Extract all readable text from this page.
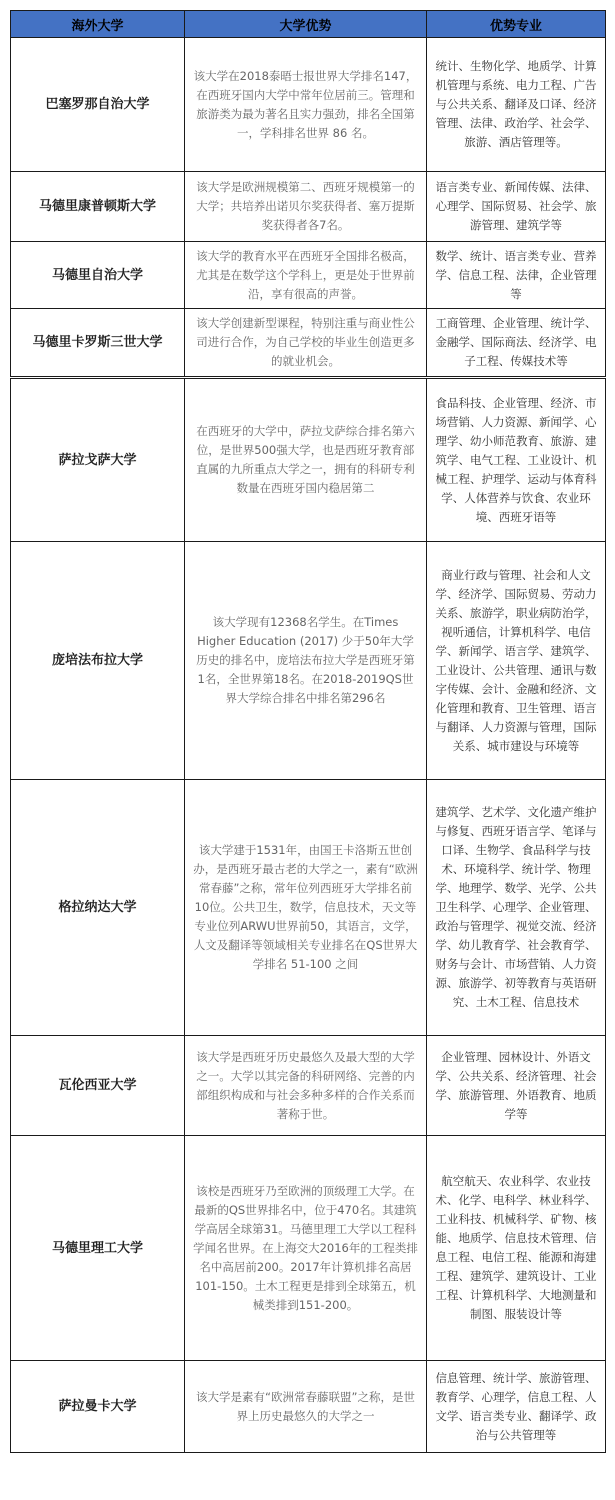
海外大学	大学优势	优势专业
巴塞罗那自治大学	该大学在2018泰晤士报世界大学排名147，在西班牙国内大学中常年位居前三。管理和旅游类为最为著名且实力强劲，排名全国第一，学科排名世界 86 名。	统计、生物化学、地质学、计算机管理与系统、电力工程、广告与公共关系、翻译及口译、经济管理、法律、政治学、社会学、旅游、酒店管理等。
马德里康普顿斯大学	该大学是欧洲规模第二、西班牙规模第一的大学；共培养出诺贝尔奖获得者、塞万提斯奖获得者各7名。	语言类专业、新闻传媒、法律、心理学、国际贸易、社会学、旅游管理、建筑学等
马德里自治大学	该大学的教育水平在西班牙全国排名极高，尤其是在数学这个学科上，更是处于世界前沿，享有很高的声誉。	数学、统计、语言类专业、营养学、信息工程、法律，企业管理等
马德里卡罗斯三世大学	该大学创建新型课程，特别注重与商业性公司进行合作，为自己学校的毕业生创造更多的就业机会。	工商管理、企业管理、统计学、金融学、国际商法、经济学、电子工程、传媒技术等
萨拉戈萨大学	在西班牙的大学中，萨拉戈萨综合排名第六位，是世界500强大学，也是西班牙教育部直属的九所重点大学之一，拥有的科研专利数量在西班牙国内稳居第二	食品科技、企业管理、经济、市场营销、人力资源、新闻学、心理学、幼小师范教育、旅游、建筑学、电气工程、工业设计、机械工程、护理学、运动与体育科学、人体营养与饮食、农业环境、西班牙语等
庞培法布拉大学	该大学现有12368名学生。在Times Higher Education (2017) 少于50年大学历史的排名中，庞培法布拉大学是西班牙第1名，全世界第18名。在2018-2019QS世界大学综合排名中排名第296名	商业行政与管理、社会和人文学、经济学、国际贸易、劳动力关系、旅游学，职业病防治学，视听通信，计算机科学、电信学、新闻学、语言学、建筑学、工业设计、公共管理、通讯与数字传媒、会计、金融和经济、文化管理和教育、卫生管理、语言与翻译、人力资源与管理，国际关系、城市建设与环境等
格拉纳达大学	该大学建于1531年，由国王卡洛斯五世创办，是西班牙最古老的大学之一，素有“欧洲常春藤”之称，常年位列西班牙大学排名前10位。公共卫生，数学，信息技术，天文等专业位列ARWU世界前50，其语言，文学，人文及翻译等领域相关专业排名在QS世界大学排名 51-100 之间	建筑学、艺术学、文化遗产维护与修复、西班牙语言学、笔译与口译、生物学、食品科学与技术、环境科学、统计学、物理学、地理学、数学、光学、公共卫生科学、心理学、企业管理、政治与管理学、视觉交流、经济学、幼儿教育学、社会教育学、财务与会计、市场营销、人力资源、旅游学、初等教育与英语研究、土木工程、信息技术
瓦伦西亚大学	该大学是西班牙历史最悠久及最大型的大学之一。大学以其完备的科研网络、完善的内部组织构成和与社会多种多样的合作关系而著称于世。	企业管理、园林设计、外语文学、公共关系、经济管理、社会学、旅游管理、外语教育、地质学等
马德里理工大学	该校是西班牙乃至欧洲的顶级理工大学。在最新的QS世界排名中，位于470名。其建筑学高居全球第31。马德里理工大学以工程科学闻名世界。在上海交大2016年的工程类排名中高居前200。2017年计算机排名高居101-150。土木工程更是排到全球第五，机械类排到151-200。	航空航天、农业科学、农业技术、化学、电科学、林业科学、工业科技、机械科学、矿物、核能、地质学、信息技术管理、信息工程、电信工程、能源和海建工程、建筑学、建筑设计、工业工程、计算机科学、大地测量和制图、服装设计等
萨拉曼卡大学	该大学是素有“欧洲常春藤联盟”之称，是世界上历史最悠久的大学之一	信息管理、统计学、旅游管理、教育学、心理学，信息工程、人文学、语言类专业、翻译学、政治与公共管理等
